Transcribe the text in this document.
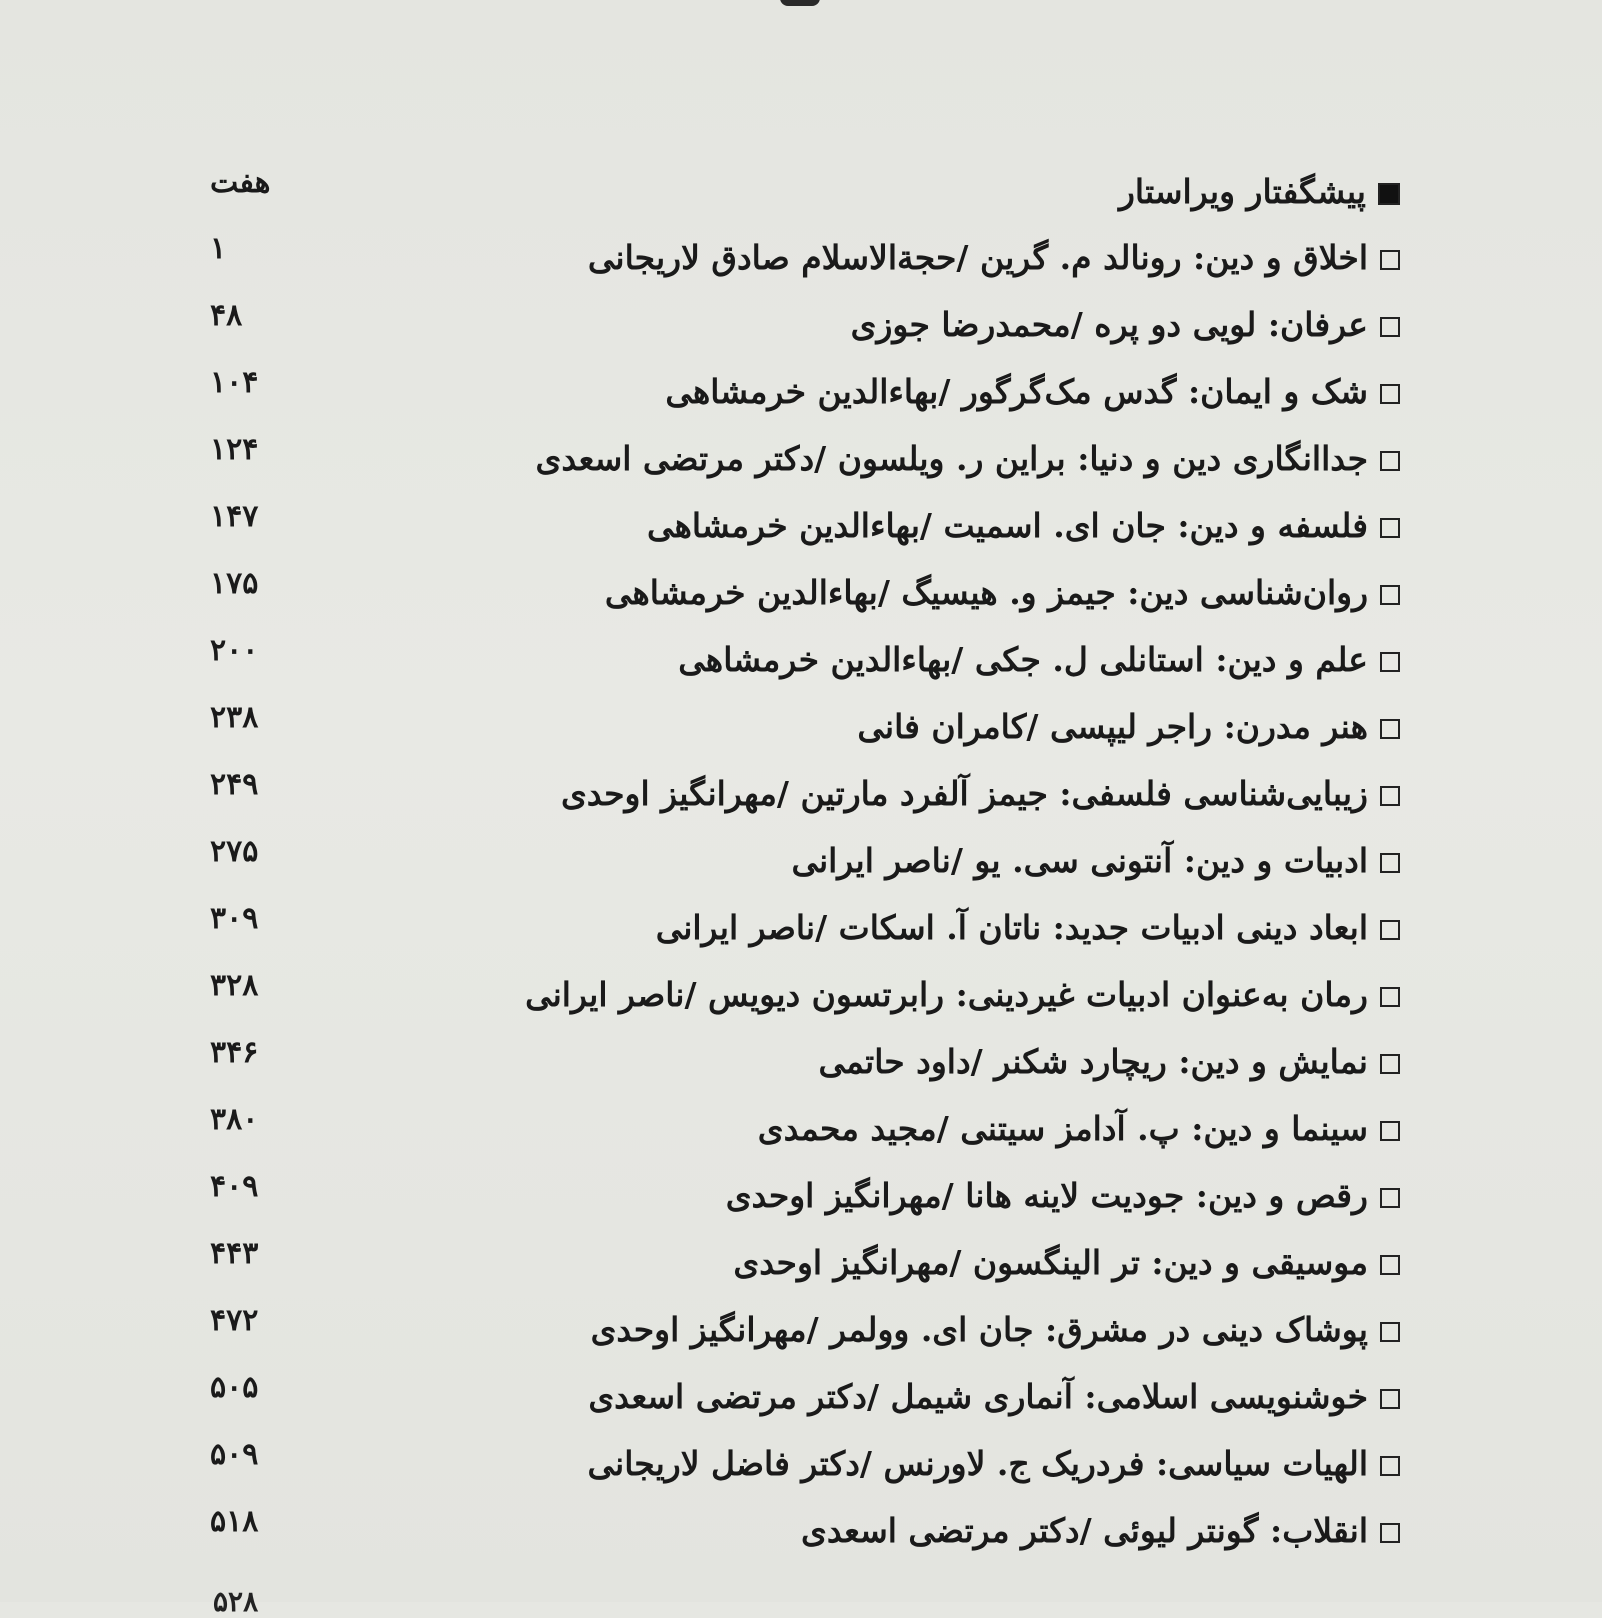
پیشگفتار ویراستار
هفت
اخلاق و دین: رونالد م. گرین /حجة‌الاسلام صادق لاریجانی
۱
عرفان: لویی دو پره /محمدرضا جوزی
۴۸
شک و ایمان: گدس مک‌گرگور /بهاءالدین خرمشاهی
۱۰۴
جداانگاری دین و دنیا: براین ر. ویلسون /دکتر مرتضی اسعدی
۱۲۴
فلسفه و دین: جان ای. اسمیت /بهاءالدین خرمشاهی
۱۴۷
روان‌شناسی دین: جیمز و. هیسیگ /بهاءالدین خرمشاهی
۱۷۵
علم و دین: استانلی ل. جکی /بهاءالدین خرمشاهی
۲۰۰
هنر مدرن: راجر لیپسی /کامران فانی
۲۳۸
زیبایی‌شناسی فلسفی: جیمز آلفرد مارتین /مهرانگیز اوحدی
۲۴۹
ادبیات و دین: آنتونی سی. یو /ناصر ایرانی
۲۷۵
ابعاد دینی ادبیات جدید: ناتان آ. اسکات /ناصر ایرانی
۳۰۹
رمان به‌عنوان ادبیات غیردینی: رابرتسون دیویس /ناصر ایرانی
۳۲۸
نمایش و دین: ریچارد شکنر /داود حاتمی
۳۴۶
سینما و دین: پ. آدامز سیتنی /مجید محمدی
۳۸۰
رقص و دین: جودیت لاینه هانا /مهرانگیز اوحدی
۴۰۹
موسیقی و دین: تر الینگسون /مهرانگیز اوحدی
۴۴۳
پوشاک دینی در مشرق: جان ای. وولمر /مهرانگیز اوحدی
۴۷۲
خوشنویسی اسلامی: آنماری شیمل /دکتر مرتضی اسعدی
۵۰۵
الهیات سیاسی: فردریک ج. لاورنس /دکتر فاضل لاریجانی
۵۰۹
انقلاب: گونتر لیوئی /دکتر مرتضی اسعدی
۵۱۸
۵۲۸
